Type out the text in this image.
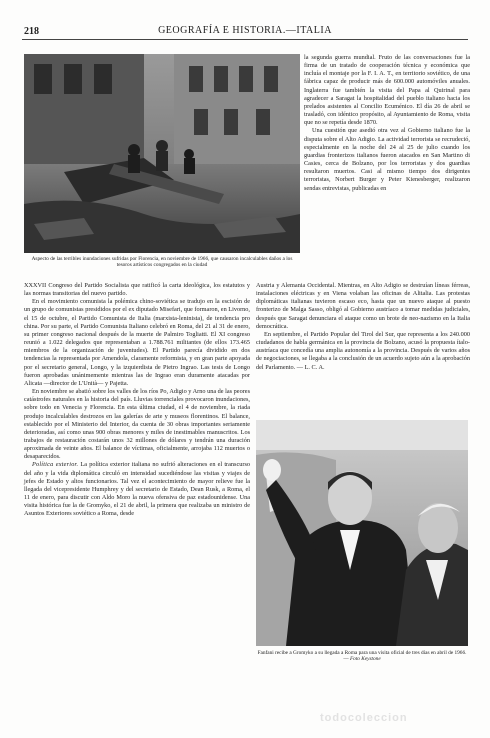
218	GEOGRAFÍA E HISTORIA.—ITALIA
Aspecto de las terribles inundaciones sufridas por Florencia, en noviembre de 1966, que causaron incalculables daños a los tesoros artísticos congregados en la ciudad

la segunda guerra mundial. Fruto de las conversaciones fue la firma de un tratado de cooperación técnica y económica que incluía el montaje por la F. I. A. T., en territorio soviético, de una fábrica capaz de producir más de 600.000 automóviles anuales. Inglaterra fue también la visita del Papa al Quirinal para agradecer a Saragat la hospitalidad del pueblo italiano hacia los prelados asistentes al Concilio Ecuménico. El día 26 de abril se trasladó, con idéntico propósito, al Ayuntamiento de Roma, visita que no se repetía desde 1870.

Una cuestión que asedió otra vez al Gobierno italiano fue la disputa sobre el Alto Adigio. La actividad terrorista se recrudeció, especialmente en la noche del 24 al 25 de julio cuando los guardias fronterizos italianos fueron atacados en San Martino di Casies, cerca de Bolzano, por los terroristas y dos guardias resultaron muertos. Casi al mismo tiempo dos dirigentes terroristas, Norbert Burger y Peter Kienesberger, realizaron sendas entrevistas, publicadas en

XXXVII Congreso del Partido Socialista que ratificó la carta ideológica, los estatutos y las normas transitorias del nuevo partido.

En el movimiento comunista la polémica chino-soviética se tradujo en la escisión de un grupo de comunistas presididos por el ex diputado Misefari, que formaron, en Livorno, el 15 de octubre, el Partido Comunista de Italia (marxista-leninista), de tendencia pro china. Por su parte, el Partido Comunista Italiano celebró en Roma, del 21 al 31 de enero, su primer congreso nacional después de la muerte de Palmiro Togliatti. El XI congreso reunió a 1.022 delegados que representaban a 1.788.761 militantes (de ellos 173.465 miembros de la organización de juventudes). El Partido parecía dividido en dos tendencias la representada por Amendola, claramente reformista, y en gran parte apoyada por el secretario general, Longo, y la izquierdista de Pietro Ingrao. Las tesis de Longo fueron aprobadas unánimemente mientras las de Ingrao eran duramente atacadas por Alicata —director de L'Unità— y Pajetta.

En noviembre se abatió sobre los valles de los ríos Po, Adigio y Arno una de las peores catástrofes naturales en la historia del país. Lluvias torrenciales provocaron inundaciones, sobre todo en Venecia y Florencia. En esta última ciudad, el 4 de noviembre, la riada produjo incalculables destrozos en las galerías de arte y museos florentinos. El balance, establecido por el Ministerio del Interior, da cuenta de 30 obras importantes seriamente deterioradas, así como unas 900 obras menores y miles de inestimables manuscritos. Los trabajos de restauración costarán unos 32 millones de dólares y tendrán una duración aproximada de veinte años. El balance de víctimas, oficialmente, arrojaba 112 muertos o desaparecidos.

Política exterior. La política exterior italiana no sufrió alteraciones en el transcurso del año y la vida diplomática circuló en intensidad sucediéndose las visitas y viajes de jefes de Estado y altos funcionarios. Tal vez el acontecimiento de mayor relieve fue la llegada del vicepresidente Humphrey y del secretario de Estado, Dean Rusk, a Roma, el 11 de enero, para discutir con Aldo Moro la nueva ofensiva de paz estadounidense. Una visita histórica fue la de Gromyko, el 21 de abril, la primera que realizaba un ministro de Asuntos Exteriores soviético a Roma, desde

Austria y Alemania Occidental. Mientras, en Alto Adigio se destruían líneas férreas, instalaciones eléctricas y en Viena volaban las oficinas de Alitalia. Las protestas diplomáticas italianas tuvieron escaso eco, hasta que un nuevo ataque al puesto fronterizo de Malga Sasso, obligó al Gobierno austríaco a tomar medidas judiciales, después que Saragat denunciara el ataque como un brote de neo-nazismo en la Italia democrática.

En septiembre, el Partido Popular del Tirol del Sur, que representa a los 240.000 ciudadanos de habla germánica en la provincia de Bolzano, acusó la propuesta ítalo-austríaca que concedía una amplia autonomía a la provincia. Después de varios años de negociaciones, se llegaba a la conclusión de un acuerdo sujeto aún a la aprobación del Parlamento. — L. C. A.

Fanfani recibe a Gromyko a su llegada a Roma para una visita oficial de tres días en abril de 1966. — Foto Keystone
todocoleccion
